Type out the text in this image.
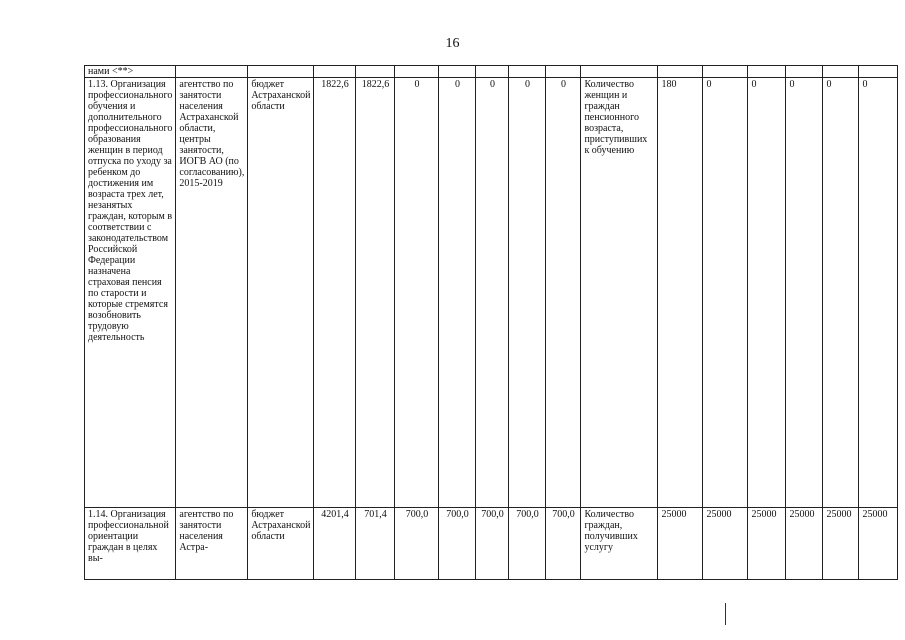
16
нами <**>																
1.13. Организация профессионального обучения и дополнительного профессионального образования женщин в период отпуска по уходу за ребенком до достижения им возраста трех лет, незанятых граждан, которым в соответствии с законодательством Российской Федерации назначена страховая пенсия по старости и которые стремятся возобновить трудовую деятельность	агентство по занятости населения Астраханской области, центры занятости, ИОГВ АО (по согласованию), 2015-2019	бюджет Астраханской области	1822,6	1822,6	0	0	0	0	0	Количество женщин и граждан пенсионного возраста, приступивших к обучению	180	0	0	0	0	0
1.14. Организация профессиональной ориентации граждан в целях вы-	агентство по занятости населения Астра-	бюджет Астраханской области	4201,4	701,4	700,0	700,0	700,0	700,0	700,0	Количество граждан, получивших услугу	25000	25000	25000	25000	25000	25000
